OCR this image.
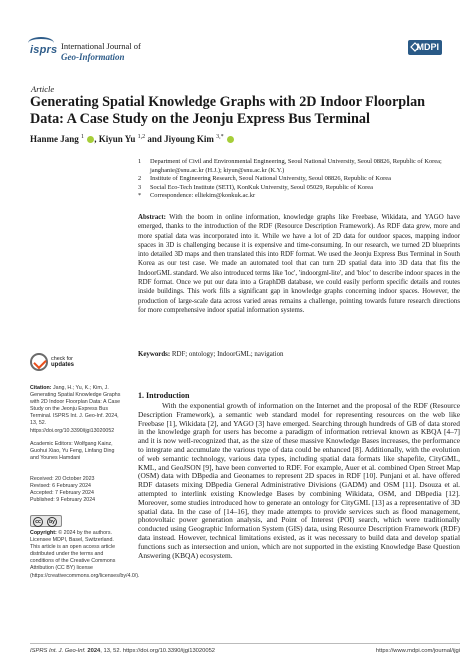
isprs International Journal of
Geo-Information
MDPI
Article
Generating Spatial Knowledge Graphs with 2D Indoor Floorplan Data: A Case Study on the Jeonju Express Bus Terminal
Hanme Jang $^1$ , Kiyun Yu $^{1,2}$ and Jiyoung Kim $^{3,*}$
1 Department of Civil and Environmental Engineering, Seoul National University, Seoul 08826, Republic of Korea; janghanie@snu.ac.kr (H.J.); kiyun@snu.ac.kr (K.Y.)
2 Institute of Engineering Research, Seoul National University, Seoul 08826, Republic of Korea
3 Social Eco-Tech Institute (SETI), KonKuk University, Seoul 05029, Republic of Korea
* Correspondence: elliekim@konkuk.ac.kr
Abstract: With the boom in online information, knowledge graphs like Freebase, Wikidata, and YAGO have emerged, thanks to the introduction of the RDF (Resource Description Framework). As RDF data grew, more and more spatial data was incorporated into it. While we have a lot of 2D data for outdoor spaces, mapping indoor spaces in 3D is challenging because it is expensive and time-consuming. In our research, we turned 2D blueprints into detailed 3D maps and then translated this into RDF format. We used the Jeonju Express Bus Terminal in South Korea as our test case. We made an automated tool that can turn 2D spatial data into 3D data that fits the IndoorGML standard. We also introduced terms like 'loc', 'indoorgml-lite', and 'bloc' to describe indoor spaces in the RDF format. Once we put our data into a GraphDB database, we could easily perform specific details and routes inside buildings. This work fills a significant gap in knowledge graphs concerning indoor spaces. However, the production of large-scale data across varied areas remains a challenge, pointing towards future research directions for more comprehensive indoor spatial information systems.
Keywords: RDF; ontology; IndoorGML; navigation
check for
updates
Citation: Jang, H.; Yu, K.; Kim, J. Generating Spatial Knowledge Graphs with 2D Indoor Floorplan Data: A Case Study on the Jeonju Express Bus Terminal. ISPRS Int. J. Geo-Inf. 2024, 13, 52. https://doi.org/10.3390/ijgi13020052
Academic Editors: Wolfgang Kainz, Guohui Xiao, Yu Feng, Linfang Ding and Younes Hamdani
Received: 20 October 2023
Revised: 6 February 2024
Accepted: 7 February 2024
Published: 9 February 2024
cc	by
Copyright: © 2024 by the authors. Licensee MDPI, Basel, Switzerland. This article is an open access article distributed under the terms and conditions of the Creative Commons Attribution (CC BY) license (https://creativecommons.org/licenses/by/4.0/).
1. Introduction
With the exponential growth of information on the Internet and the proposal of the RDF (Resource Description Framework), a semantic web standard model for representing resources on the web like Freebase [1], Wikidata [2], and YAGO [3] have emerged. Searching through hundreds of GB of data stored in the knowledge graph for users has become a paradigm of information retrieval known as KBQA [4–7] and it is now well-recognized that, as the size of these massive Knowledge Bases increases, the performance to integrate and accumulate the various type of data could be enhanced [8]. Additionally, with the evolution of web semantic technology, various data types, including spatial data formats like shapefile, CityGML, KML, and GeoJSON [9], have been converted to RDF. For example, Auer et al. combined Open Street Map (OSM) data with DBpedia and Geonames to represent 2D spaces in RDF [10]. Punjani et al. have offered RDF datasets mixing DBpedia General Administrative Divisions (GADM) and OSM [11]. Dsouza et al. attempted to interlink existing Knowledge Bases by combining Wikidata, OSM, and DBpedia [12]. Moreover, some studies introduced how to generate an ontology for CityGML [13] as a representative of 3D spatial data. In the case of [14–16], they made attempts to provide services such as flood management, photovoltaic power generation analysis, and Point of Interest (POI) search, which were traditionally conducted using Geographic Information System (GIS) data, using Resource Description Framework (RDF) data instead. However, technical limitations existed, as it was necessary to build data and develop spatial functions such as intersection and union, which are not supported in the existing Knowledge Base Question Answering (KBQA) ecosystem.
ISPRS Int. J. Geo-Inf. 2024, 13, 52. https://doi.org/10.3390/ijgi13020052	https://www.mdpi.com/journal/ijgi
